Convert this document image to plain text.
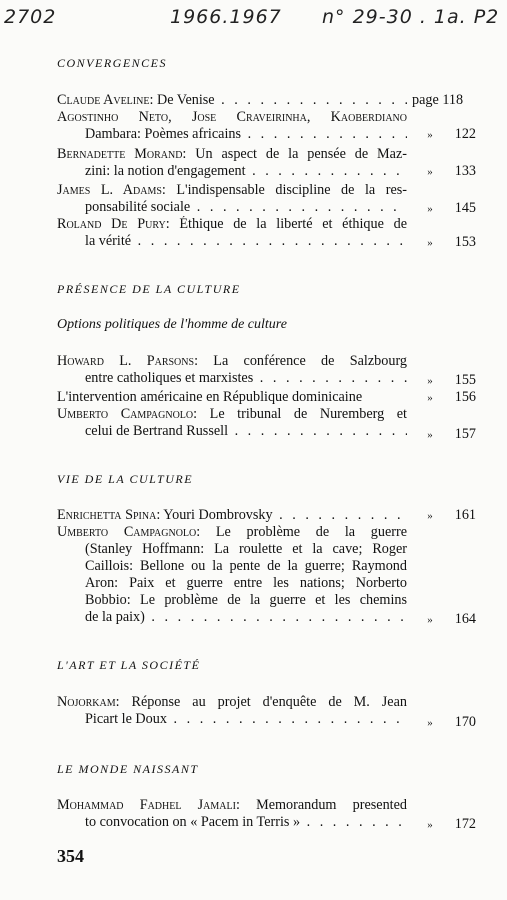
2702	1966.1967 n° 29-30 . 1a. P2
CONVERGENCES
Claude Aveline: De Venise . . .	page 118
Agostinho Neto, Jose Craveirinha, Kaoberdiano
Dambara: Poèmes africains . . .	» 122
Bernadette Morand: Un aspect de la pensée de Maz-
zini: la notion d'engagement . . .	» 133
James L. Adams: L'indispensable discipline de la res-
ponsabilité sociale . . .	» 145
Roland De Pury: Éthique de la liberté et éthique de
la vérité . . .	» 153
PRÉSENCE DE LA CULTURE
Options politiques de l'homme de culture
Howard L. Parsons: La conférence de Salzbourg
entre catholiques et marxistes . . .	» 155
L'intervention américaine en République dominicaine	» 156
Umberto Campagnolo: Le tribunal de Nuremberg et
celui de Bertrand Russell . . .	» 157
VIE DE LA CULTURE
Enrichetta Spina: Youri Dombrovsky . . .	» 161
Umberto Campagnolo: Le problème de la guerre
(Stanley Hoffmann: La roulette et la cave; Roger
Caillois: Bellone ou la pente de la guerre; Raymond
Aron: Paix et guerre entre les nations; Norberto
Bobbio: Le problème de la guerre et les chemins
de la paix) . . .	» 164
L'ART ET LA SOCIÉTÉ
Nojorkam: Réponse au projet d'enquête de M. Jean
Picart le Doux . . .	» 170
LE MONDE NAISSANT
Mohammad Fadhel Jamali: Memorandum presented
to convocation on « Pacem in Terris » . . .	» 172
354
